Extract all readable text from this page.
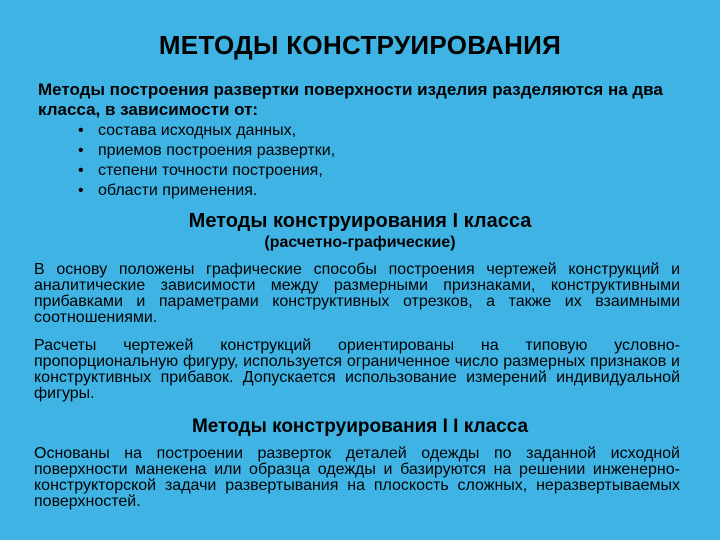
МЕТОДЫ КОНСТРУИРОВАНИЯ
Методы построения развертки поверхности изделия разделяются на два класса, в зависимости от:
• состава исходных данных,
• приемов построения развертки,
• степени точности построения,
• области применения.
Методы конструирования I класса
(расчетно-графические)
В основу положены графические способы построения чертежей конструкций и аналитические зависимости между размерными признаками, конструктивными прибавками и параметрами конструктивных отрезков, а также их взаимными соотношениями.
Расчеты чертежей конструкций ориентированы на типовую условно-пропорциональную фигуру, используется ограниченное число размерных признаков и конструктивных прибавок. Допускается использование измерений индивидуальной фигуры.
Методы конструирования I I класса
Основаны на построении разверток деталей одежды по заданной исходной поверхности манекена или образца одежды и базируются на решении инженерно-конструкторской задачи развертывания на плоскость сложных, неразвертываемых поверхностей.
